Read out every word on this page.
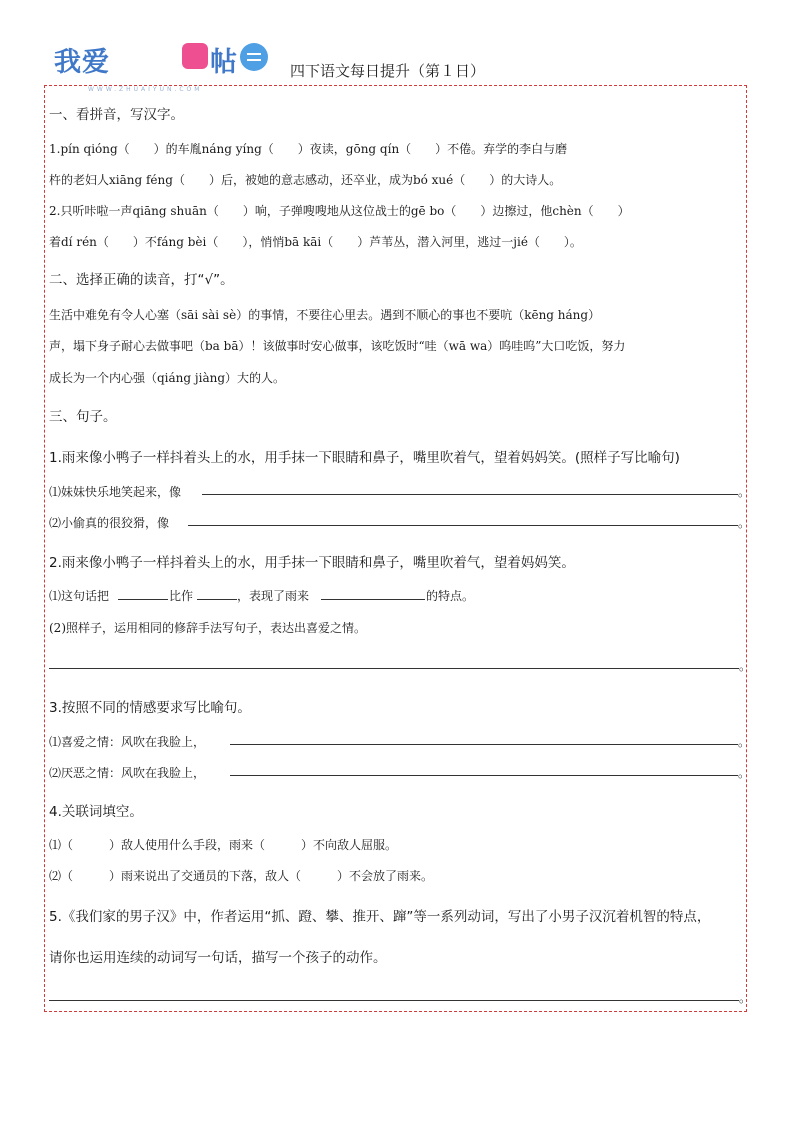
我爱	帖
WWW.ZHUAIYUN.COM
四下语文每日提升（第１日）
一、看拼音，写汉字。
1.pín qióng（　　）的车胤náng yíng（　　）夜读，gōng qín（　　）不倦。弃学的李白与磨
杵的老妇人xiāng féng（　　）后，被她的意志感动，还卒业，成为bó xué（　　）的大诗人。
2.只听咔啦一声qiāng shuān（　　）响，子弹嗖嗖地从这位战士的gē bo（　　）边擦过，他chèn（　　）
着dí rén（　　）不fáng bèi（　　），悄悄bā kāi（　　）芦苇丛，潜入河里，逃过一jié（　　）。
二、选择正确的读音，打“√”。
生活中难免有令人心塞（sāi sài sè）的事情，不要往心里去。遇到不顺心的事也不要吭（kēng háng）
声，塌下身子耐心去做事吧（ba bā）！该做事时安心做事，该吃饭时“哇（wā wa）呜哇呜”大口吃饭，努力
成长为一个内心强（qiáng jiàng）大的人。
三、句子。
1.雨来像小鸭子一样抖着头上的水，用手抹一下眼睛和鼻子，嘴里吹着气，望着妈妈笑。(照样子写比喻句)
⑴妹妹快乐地笑起来，像	。
⑵小偷真的很狡猾，像	。
2.雨来像小鸭子一样抖着头上的水，用手抹一下眼睛和鼻子，嘴里吹着气，望着妈妈笑。
⑴这句话把	比作	，表现了雨来	的特点。
(2)照样子，运用相同的修辞手法写句子，表达出喜爱之情。
。
3.按照不同的情感要求写比喻句。
⑴喜爱之情：风吹在我脸上，	。
⑵厌恶之情：风吹在我脸上，	。
4.关联词填空。
⑴（　　　）敌人使用什么手段，雨来（　　　）不向敌人屈服。
⑵（　　　）雨来说出了交通员的下落，敌人（　　　）不会放了雨来。
5.《我们家的男子汉》中，作者运用“抓、蹬、攀、推开、蹿”等一系列动词，写出了小男子汉沉着机智的特点，
请你也运用连续的动词写一句话，描写一个孩子的动作。
。
